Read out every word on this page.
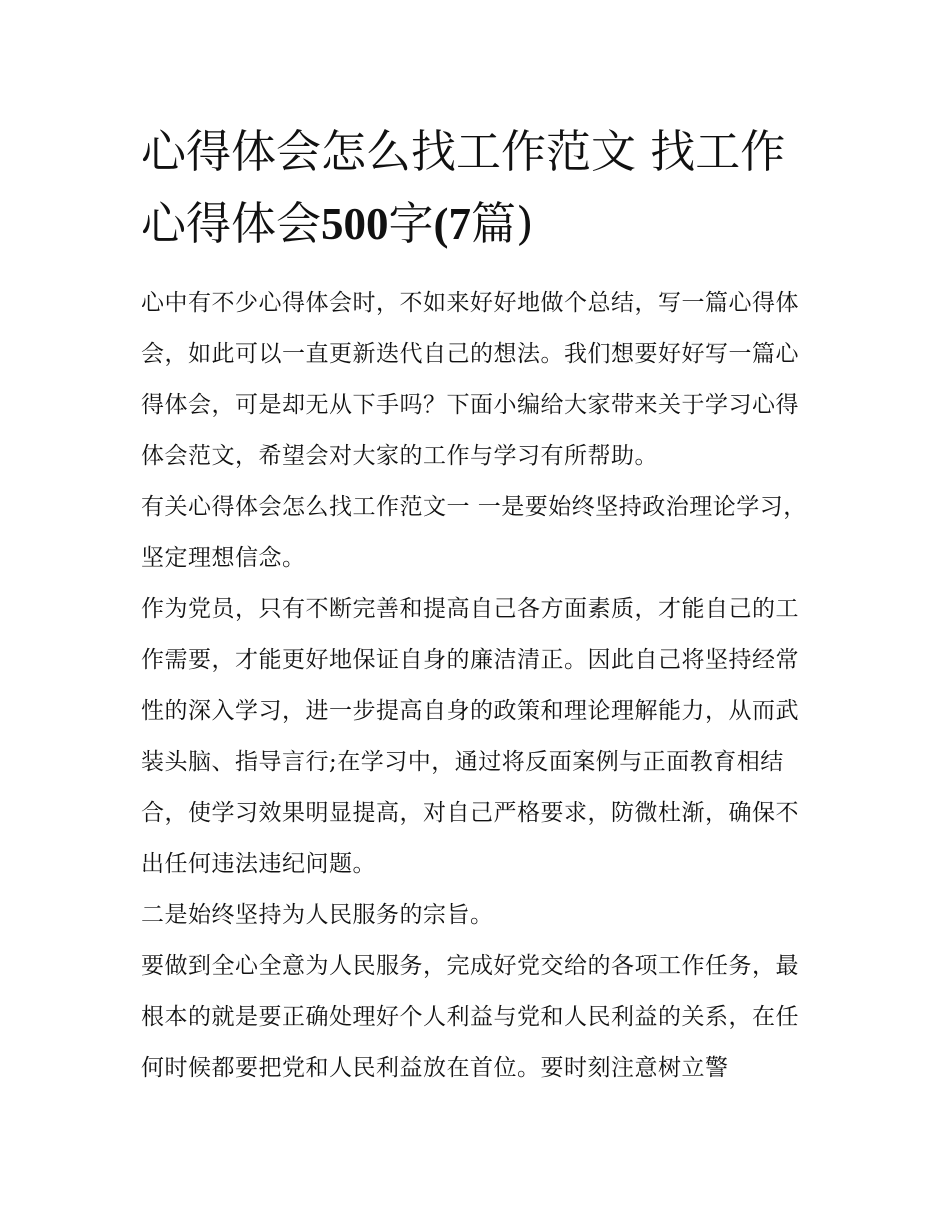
心得体会怎么找工作范文 找工作心得体会500字(7篇)

心中有不少心得体会时，不如来好好地做个总结，写一篇心得体会，如此可以一直更新迭代自己的想法。我们想要好好写一篇心得体会，可是却无从下手吗？下面小编给大家带来关于学习心得体会范文，希望会对大家的工作与学习有所帮助。

有关心得体会怎么找工作范文一 一是要始终坚持政治理论学习，坚定理想信念。

作为党员，只有不断完善和提高自己各方面素质，才能自己的工作需要，才能更好地保证自身的廉洁清正。因此自己将坚持经常性的深入学习，进一步提高自身的政策和理论理解能力，从而武装头脑、指导言行;在学习中，通过将反面案例与正面教育相结合，使学习效果明显提高，对自己严格要求，防微杜渐，确保不出任何违法违纪问题。

二是始终坚持为人民服务的宗旨。

要做到全心全意为人民服务，完成好党交给的各项工作任务，最根本的就是要正确处理好个人利益与党和人民利益的关系，在任何时候都要把党和人民利益放在首位。要时刻注意树立警
